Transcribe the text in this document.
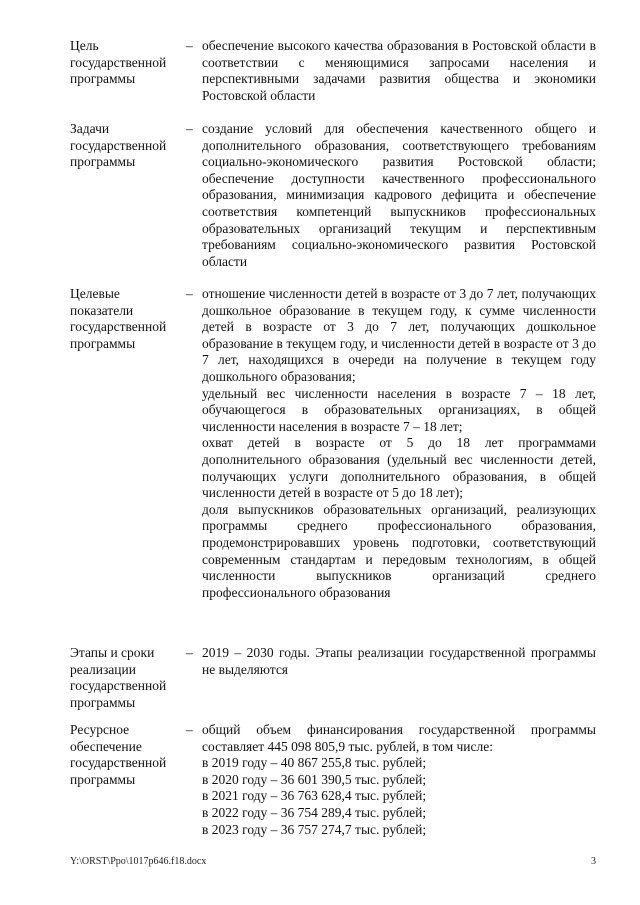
Цель
государственной
программы
– обеспечение высокого качества образования в Ростовской области в соответствии с меняющимися запросами населения и перспективными задачами развития общества и экономики Ростовской области
Задачи
государственной
программы
– создание условий для обеспечения качественного общего и дополнительного образования, соответствующего требованиям социально-экономического развития Ростовской области; обеспечение доступности качественного профессионального образования, минимизация кадрового дефицита и обеспечение соответствия компетенций выпускников профессиональных образовательных организаций текущим и перспективным требованиям социально-экономического развития Ростовской области
Целевые
показатели
государственной
программы
– отношение численности детей в возрасте от 3 до 7 лет, получающих дошкольное образование в текущем году, к сумме численности детей в возрасте от 3 до 7 лет, получающих дошкольное образование в текущем году, и численности детей в возрасте от 3 до 7 лет, находящихся в очереди на получение в текущем году дошкольного образования;
удельный вес численности населения в возрасте 7 – 18 лет, обучающегося в образовательных организациях, в общей численности населения в возрасте 7 – 18 лет;
охват детей в возрасте от 5 до 18 лет программами дополнительного образования (удельный вес численности детей, получающих услуги дополнительного образования, в общей численности детей в возрасте от 5 до 18 лет);
доля выпускников образовательных организаций, реализующих программы среднего профессионального образования, продемонстрировавших уровень подготовки, соответствующий современным стандартам и передовым технологиям, в общей численности выпускников организаций среднего профессионального образования
Этапы и сроки
реализации
государственной
программы
– 2019 – 2030 годы. Этапы реализации государственной программы не выделяются
Ресурсное
обеспечение
государственной
программы
– общий объем финансирования государственной программы составляет 445 098 805,9 тыс. рублей, в том числе:
в 2019 году – 40 867 255,8 тыс. рублей;
в 2020 году – 36 601 390,5 тыс. рублей;
в 2021 году – 36 763 628,4 тыс. рублей;
в 2022 году – 36 754 289,4 тыс. рублей;
в 2023 году – 36 757 274,7 тыс. рублей;
Y:\ORST\Ppo\1017p646.f18.docx	3
